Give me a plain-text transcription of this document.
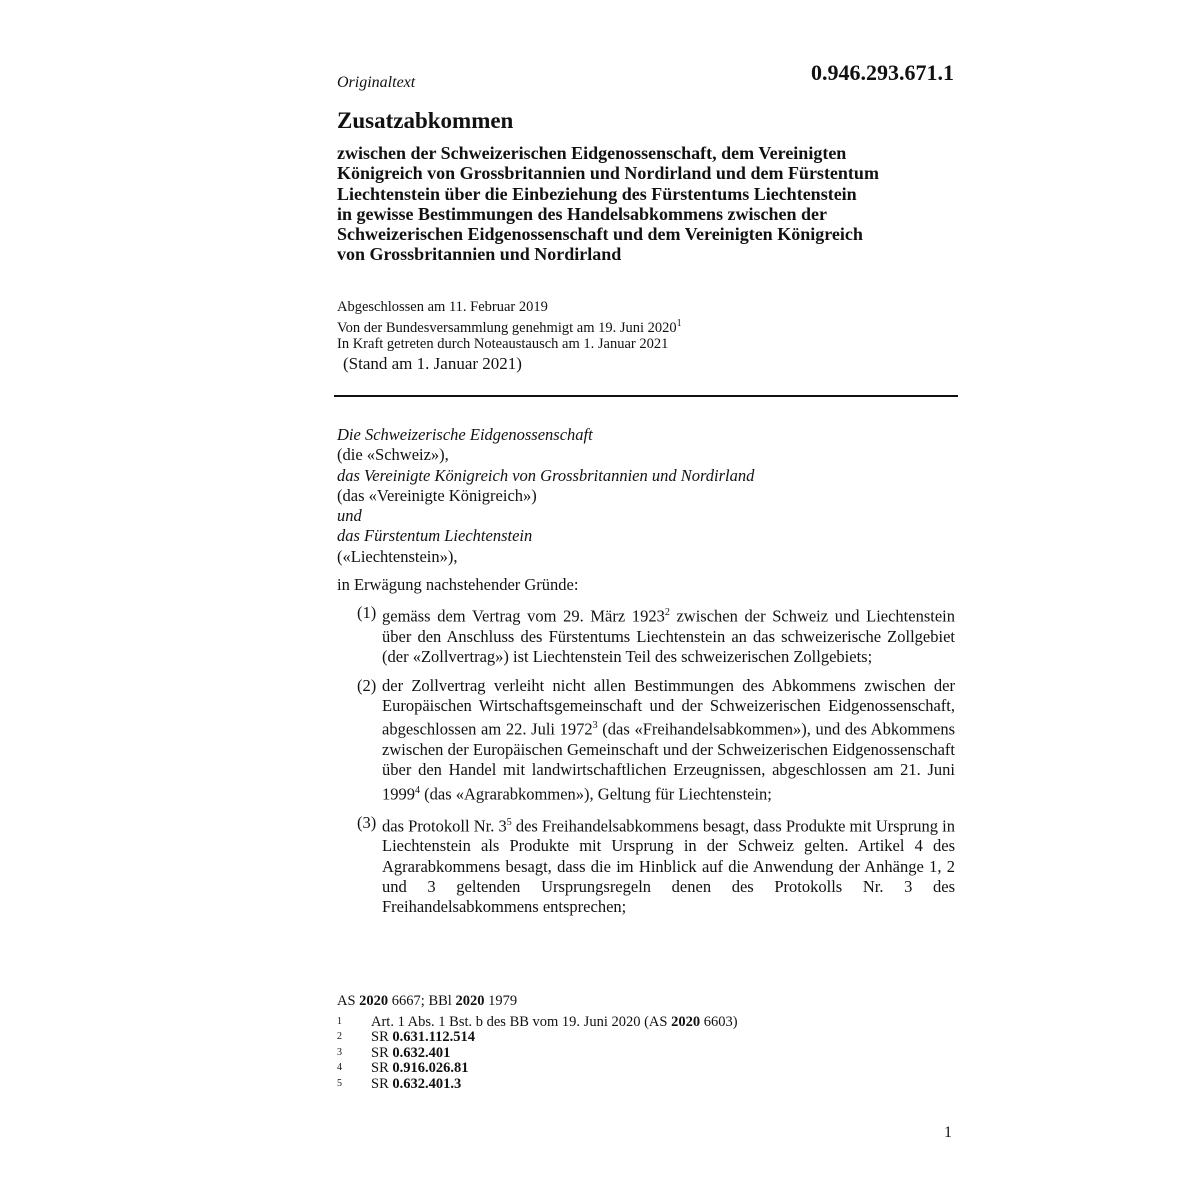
Originaltext	0.946.293.671.1
Zusatzabkommen
zwischen der Schweizerischen Eidgenossenschaft, dem Vereinigten
Königreich von Grossbritannien und Nordirland und dem Fürstentum
Liechtenstein über die Einbeziehung des Fürstentums Liechtenstein
in gewisse Bestimmungen des Handelsabkommens zwischen der
Schweizerischen Eidgenossenschaft und dem Vereinigten Königreich
von Grossbritannien und Nordirland
Abgeschlossen am 11. Februar 2019
Von der Bundesversammlung genehmigt am 19. Juni 2020$^1$
In Kraft getreten durch Noteaustausch am 1. Januar 2021
(Stand am 1. Januar 2021)
Die Schweizerische Eidgenossenschaft
(die «Schweiz»),
das Vereinigte Königreich von Grossbritannien und Nordirland
(das «Vereinigte Königreich»)
und
das Fürstentum Liechtenstein
(«Liechtenstein»),
in Erwägung nachstehender Gründe:
(1) gemäss dem Vertrag vom 29. März 1923$^2$ zwischen der Schweiz und Liechtenstein über den Anschluss des Fürstentums Liechtenstein an das schweizerische Zollgebiet (der «Zollvertrag») ist Liechtenstein Teil des schweizerischen Zollgebiets;
(2) der Zollvertrag verleiht nicht allen Bestimmungen des Abkommens zwischen der Europäischen Wirtschaftsgemeinschaft und der Schweizerischen Eidgenossenschaft, abgeschlossen am 22. Juli 1972$^3$ (das «Freihandelsabkommen»), und des Abkommens zwischen der Europäischen Gemeinschaft und der Schweizerischen Eidgenossenschaft über den Handel mit landwirtschaftlichen Erzeugnissen, abgeschlossen am 21. Juni 1999$^4$ (das «Agrarabkommen»), Geltung für Liechtenstein;
(3) das Protokoll Nr. $3^5$ des Freihandelsabkommens besagt, dass Produkte mit Ursprung in Liechtenstein als Produkte mit Ursprung in der Schweiz gelten. Artikel 4 des Agrarabkommens besagt, dass die im Hinblick auf die Anwendung der Anhänge 1, 2 und 3 geltenden Ursprungsregeln denen des Protokolls Nr. 3 des Freihandelsabkommens entsprechen;
AS 2020 6667; BBl 2020 1979
1	Art. 1 Abs. 1 Bst. b des BB vom 19. Juni 2020 (AS 2020 6603)
2	SR 0.631.112.514
3	SR 0.632.401
4	SR 0.916.026.81
5	SR 0.632.401.3
1
